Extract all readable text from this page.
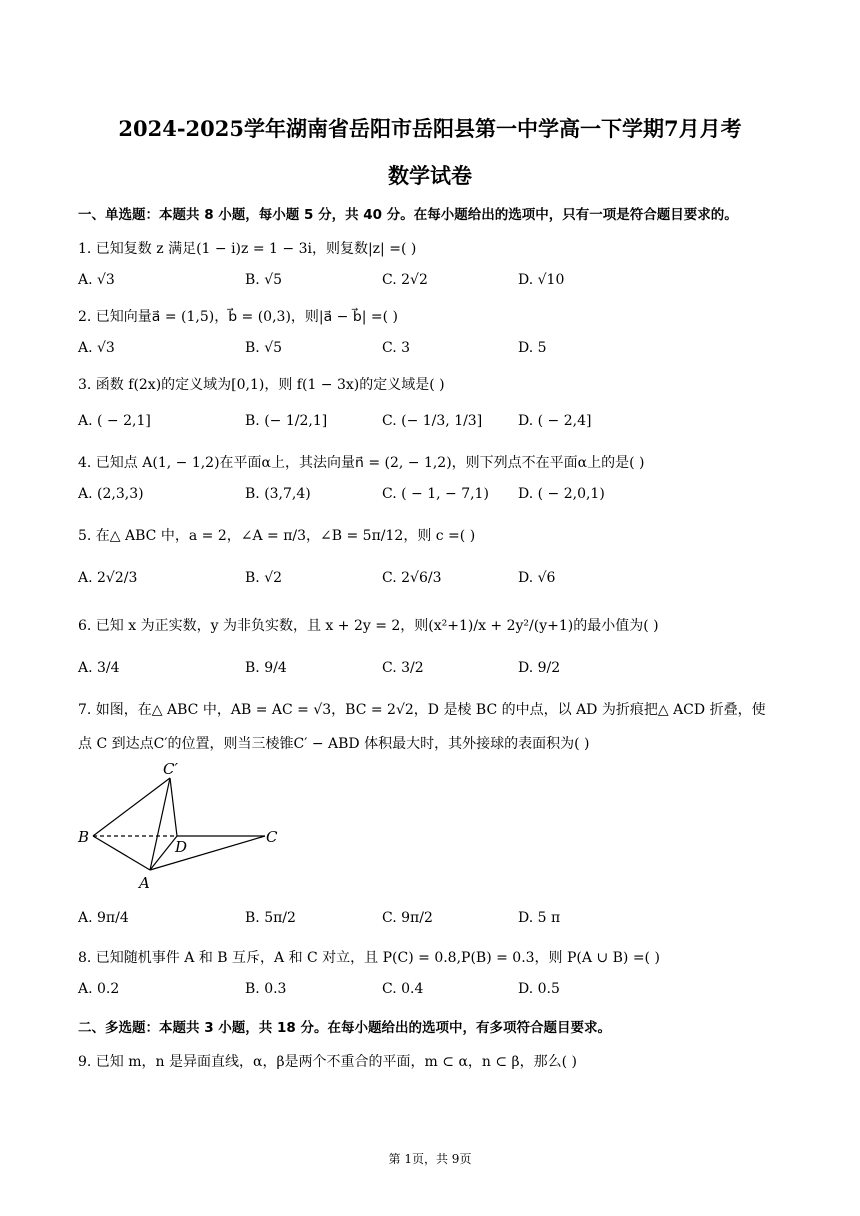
2024-2025学年湖南省岳阳市岳阳县第一中学高一下学期7月月考
数学试卷
一、单选题：本题共 8 小题，每小题 5 分，共 40 分。在每小题给出的选项中，只有一项是符合题目要求的。
1. 已知复数 z 满足(1 − i)z = 1 − 3i，则复数|z| =( )
A. √3	B. √5	C. 2√2	D. √10
2. 已知向量a⃗ = (1,5)，b⃗ = (0,3)，则|a⃗ − b⃗| =( )
A. √3	B. √5	C. 3	D. 5
3. 函数 f(2x)的定义域为[0,1)，则 f(1 − 3x)的定义域是( )
A. ( − 2,1]	B. (− 1/2,1]	C. (− 1/3, 1/3]	D. ( − 2,4]
4. 已知点 A(1, − 1,2)在平面α上，其法向量n⃗ = (2, − 1,2)，则下列点不在平面α上的是( )
A. (2,3,3)	B. (3,7,4)	C. ( − 1, − 7,1) D. ( − 2,0,1)
5. 在△ ABC 中，a = 2，∠A = π/3，∠B = 5π/12，则 c =( )
A. 2√2/3	B. √2	C. 2√6/3	D. √6
6. 已知 x 为正实数，y 为非负实数，且 x + 2y = 2，则(x²+1)/x + 2y²/(y+1)的最小值为( )
A. 3/4	B. 9/4	C. 3/2	D. 9/2
7. 如图，在△ ABC 中，AB = AC = √3，BC = 2√2，D 是棱 BC 的中点，以 AD 为折痕把△ ACD 折叠，使
点 C 到达点C′的位置，则当三棱锥C′ − ABD 体积最大时，其外接球的表面积为( )
C′
B
D
C
A
A. 9π/4	B. 5π/2	C. 9π/2	D. 5 π
8. 已知随机事件 A 和 B 互斥，A 和 C 对立，且 P(C) = 0.8,P(B) = 0.3，则 P(A ∪ B) =( )
A. 0.2	B. 0.3	C. 0.4	D. 0.5
二、多选题：本题共 3 小题，共 18 分。在每小题给出的选项中，有多项符合题目要求。
9. 已知 m，n 是异面直线，α，β是两个不重合的平面，m ⊂ α，n ⊂ β，那么( )
第 1页，共 9页
